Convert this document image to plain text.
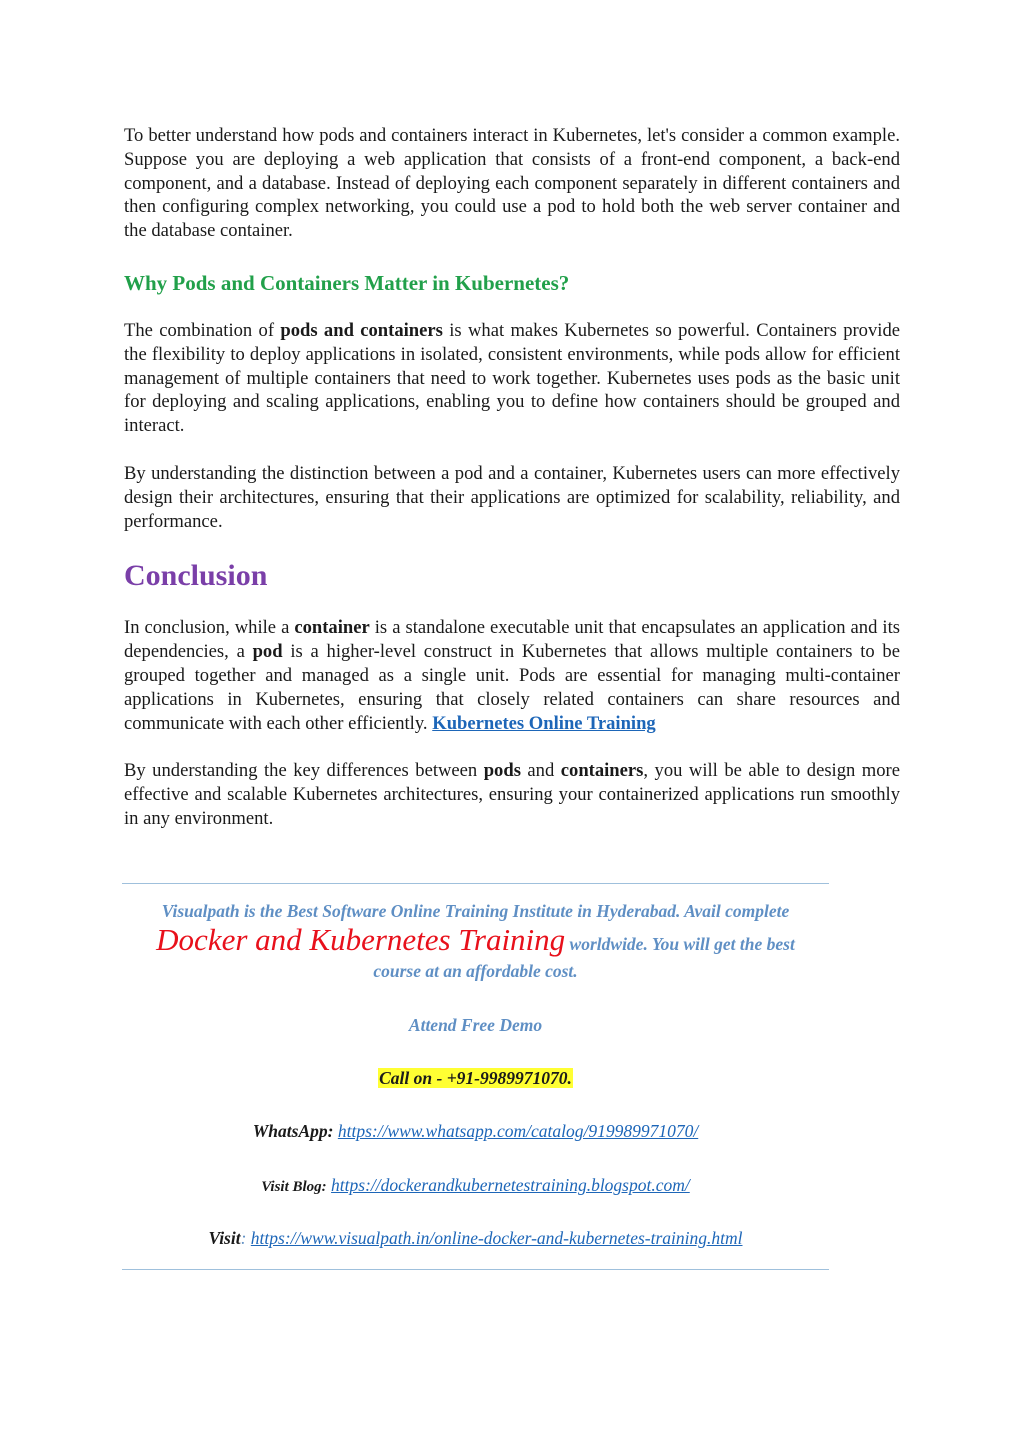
To better understand how pods and containers interact in Kubernetes, let's consider a common example. Suppose you are deploying a web application that consists of a front-end component, a back-end component, and a database. Instead of deploying each component separately in different containers and then configuring complex networking, you could use a pod to hold both the web server container and the database container.

Why Pods and Containers Matter in Kubernetes?

The combination of pods and containers is what makes Kubernetes so powerful. Containers provide the flexibility to deploy applications in isolated, consistent environments, while pods allow for efficient management of multiple containers that need to work together. Kubernetes uses pods as the basic unit for deploying and scaling applications, enabling you to define how containers should be grouped and interact.

By understanding the distinction between a pod and a container, Kubernetes users can more effectively design their architectures, ensuring that their applications are optimized for scalability, reliability, and performance.

Conclusion

In conclusion, while a container is a standalone executable unit that encapsulates an application and its dependencies, a pod is a higher-level construct in Kubernetes that allows multiple containers to be grouped together and managed as a single unit. Pods are essential for managing multi-container applications in Kubernetes, ensuring that closely related containers can share resources and communicate with each other efficiently. Kubernetes Online Training

By understanding the key differences between pods and containers, you will be able to design more effective and scalable Kubernetes architectures, ensuring your containerized applications run smoothly in any environment.

Visualpath is the Best Software Online Training Institute in Hyderabad. Avail complete
Docker and Kubernetes Training worldwide. You will get the best
course at an affordable cost.
Attend Free Demo
Call on - +91-9989971070.
WhatsApp: https://www.whatsapp.com/catalog/919989971070/
Visit Blog: https://dockerandkubernetestraining.blogspot.com/
Visit: https://www.visualpath.in/online-docker-and-kubernetes-training.html
